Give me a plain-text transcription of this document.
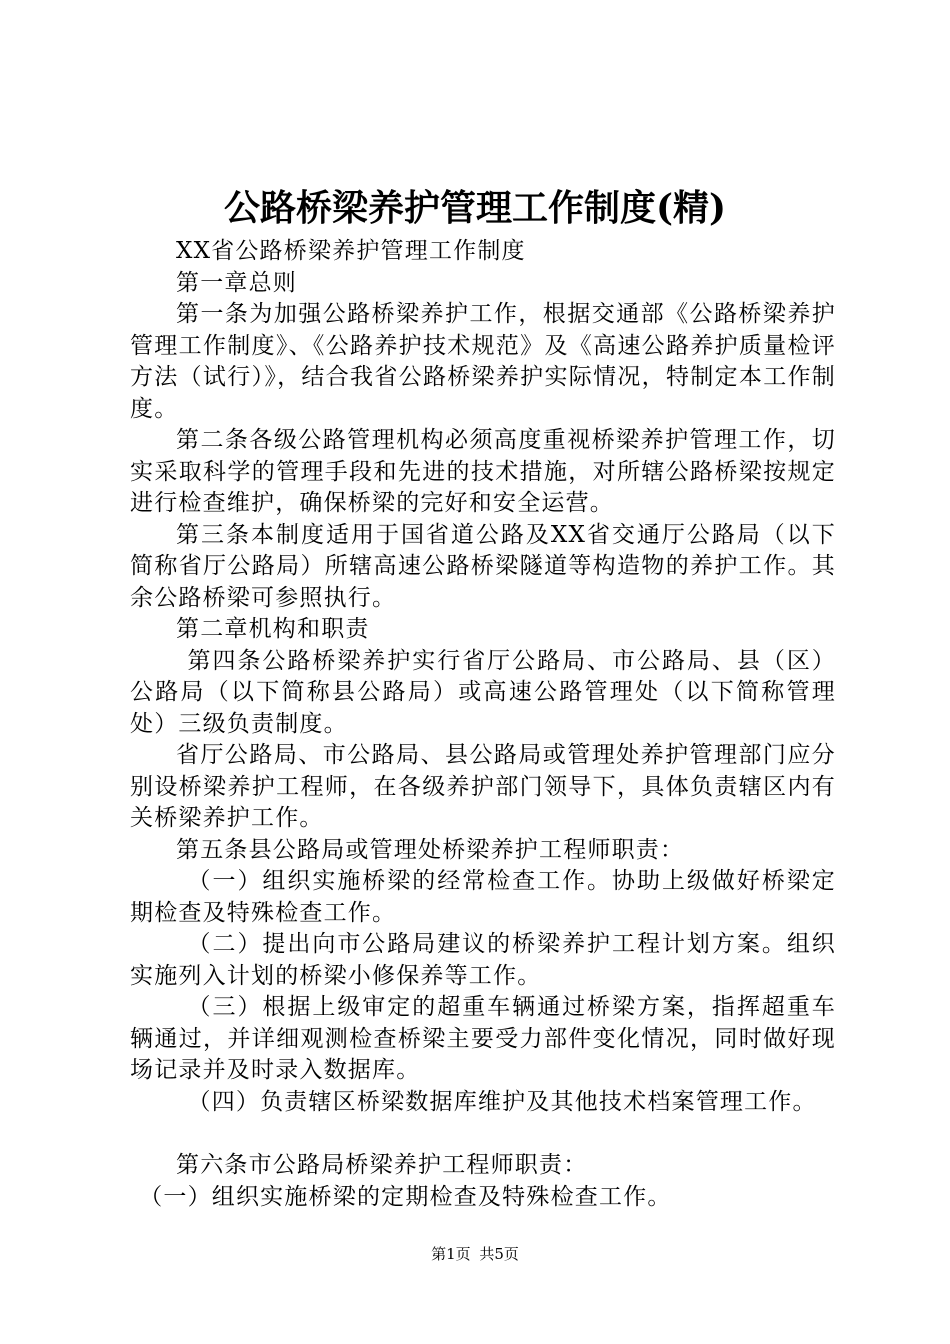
公路桥梁养护管理工作制度(精)

XX省公路桥梁养护管理工作制度

第一章总则

第一条为加强公路桥梁养护工作，根据交通部《公路桥梁养护管理工作制度》、《公路养护技术规范》及《高速公路养护质量检评方法（试行）》，结合我省公路桥梁养护实际情况，特制定本工作制度。

第二条各级公路管理机构必须高度重视桥梁养护管理工作，切实采取科学的管理手段和先进的技术措施，对所辖公路桥梁按规定进行检查维护，确保桥梁的完好和安全运营。

第三条本制度适用于国省道公路及XX省交通厅公路局（以下简称省厅公路局）所辖高速公路桥梁隧道等构造物的养护工作。其余公路桥梁可参照执行。

第二章机构和职责

第四条公路桥梁养护实行省厅公路局、市公路局、县（区）公路局（以下简称县公路局）或高速公路管理处（以下简称管理处）三级负责制度。

省厅公路局、市公路局、县公路局或管理处养护管理部门应分别设桥梁养护工程师，在各级养护部门领导下，具体负责辖区内有关桥梁养护工作。

第五条县公路局或管理处桥梁养护工程师职责：

（一）组织实施桥梁的经常检查工作。协助上级做好桥梁定期检查及特殊检查工作。

（二）提出向市公路局建议的桥梁养护工程计划方案。组织实施列入计划的桥梁小修保养等工作。

（三）根据上级审定的超重车辆通过桥梁方案，指挥超重车辆通过，并详细观测检查桥梁主要受力部件变化情况，同时做好现场记录并及时录入数据库。

（四）负责辖区桥梁数据库维护及其他技术档案管理工作。

第六条市公路局桥梁养护工程师职责：

（一）组织实施桥梁的定期检查及特殊检查工作。

第1页 共5页
